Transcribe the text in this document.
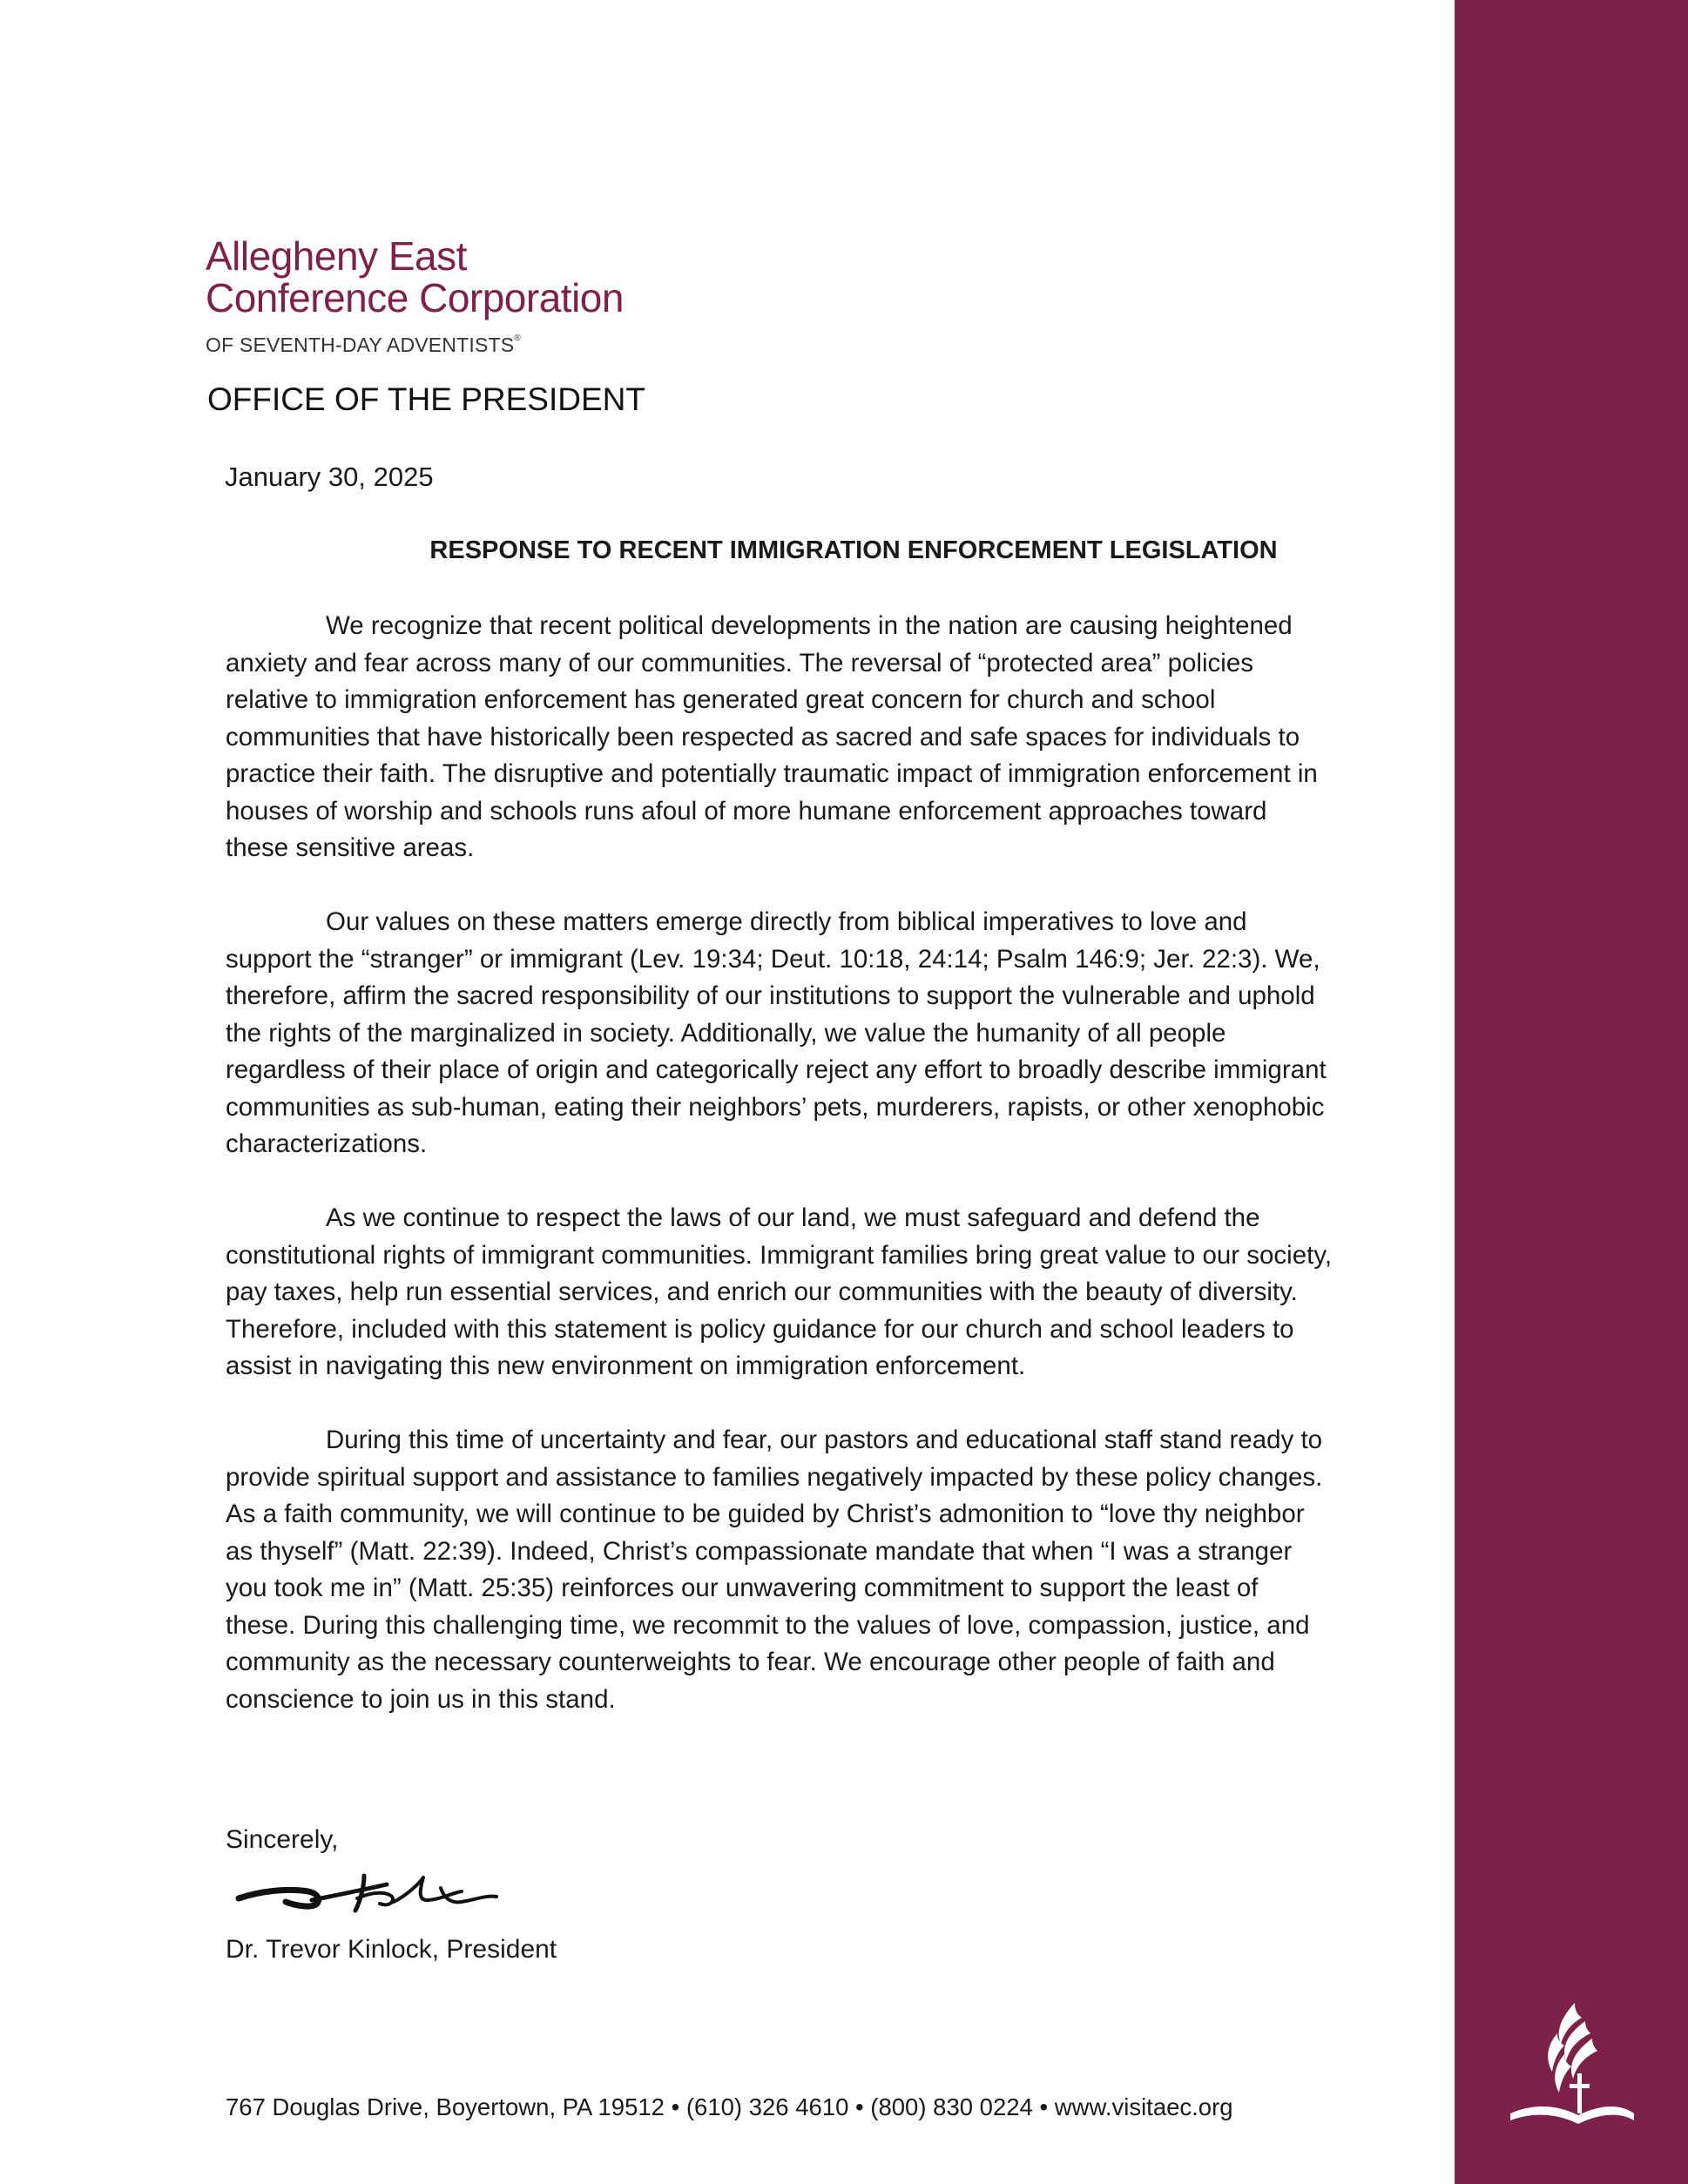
Allegheny East
Conference Corporation
OF SEVENTH-DAY ADVENTISTS®
OFFICE OF THE PRESIDENT
January 30, 2025
RESPONSE TO RECENT IMMIGRATION ENFORCEMENT LEGISLATION

We recognize that recent political developments in the nation are causing heightened anxiety and fear across many of our communities. The reversal of “protected area” policies relative to immigration enforcement has generated great concern for church and school communities that have historically been respected as sacred and safe spaces for individuals to practice their faith. The disruptive and potentially traumatic impact of immigration enforcement in houses of worship and schools runs afoul of more humane enforcement approaches toward these sensitive areas.

Our values on these matters emerge directly from biblical imperatives to love and support the “stranger” or immigrant (Lev. 19:34; Deut. 10:18, 24:14; Psalm 146:9; Jer. 22:3). We, therefore, affirm the sacred responsibility of our institutions to support the vulnerable and uphold the rights of the marginalized in society. Additionally, we value the humanity of all people regardless of their place of origin and categorically reject any effort to broadly describe immigrant communities as sub-human, eating their neighbors’ pets, murderers, rapists, or other xenophobic characterizations.

As we continue to respect the laws of our land, we must safeguard and defend the constitutional rights of immigrant communities. Immigrant families bring great value to our society, pay taxes, help run essential services, and enrich our communities with the beauty of diversity. Therefore, included with this statement is policy guidance for our church and school leaders to assist in navigating this new environment on immigration enforcement.

During this time of uncertainty and fear, our pastors and educational staff stand ready to provide spiritual support and assistance to families negatively impacted by these policy changes. As a faith community, we will continue to be guided by Christ’s admonition to “love thy neighbor as thyself” (Matt. 22:39). Indeed, Christ’s compassionate mandate that when “I was a stranger you took me in” (Matt. 25:35) reinforces our unwavering commitment to support the least of these. During this challenging time, we recommit to the values of love, compassion, justice, and community as the necessary counterweights to fear. We encourage other people of faith and conscience to join us in this stand.

Sincerely,
Dr. Trevor Kinlock, President
767 Douglas Drive, Boyertown, PA 19512 • (610) 326 4610 • (800) 830 0224 • www.visitaec.org
